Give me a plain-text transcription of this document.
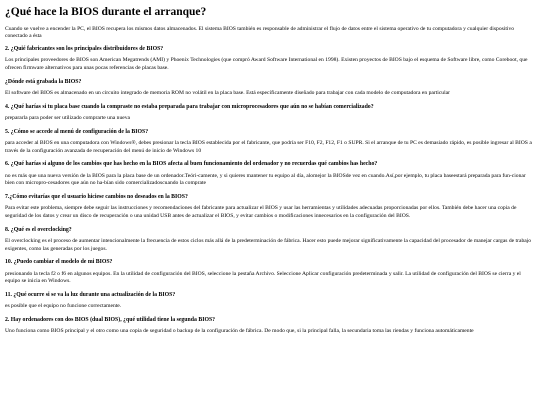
¿Qué hace la BIOS durante el arranque?

Cuando se vuelve a encender la PC, el BIOS recupera los mismos datos almacenados. El sistema BIOS también es responsable de administrar el flujo de datos entre el sistema operativo de tu computadora y cualquier dispositivo conectado a ésta

2. ¿Quié fabricantes son los principales distribuidores de BIOS?

Los principales proveedores de BIOS son American Megatrends (AMI) y Phoenix Technologies (que compró Award Software International en 1998). Existen proyectos de BIOS bajo el esquema de Software libre, como Coreboot, que ofrecen firmware alternativos para unas pocas referencias de placas base.

¿Dónde está grabada la BIOS?

El software del BIOS es almacenado en un circuito integrado de memoria ROM no volátil en la placa base. Está específicamente diseñado para trabajar con cada modelo de computadora en particular

4. ¿Qué harías si tu placa base cuando la compraste no estaba preparada para trabajar con microprocesadores que aún no se habían comercializado?

prepararla para poder ser utilizado comprarte una nueva

5. ¿Cómo se accede al menú de configuración de la BIOS?

para acceder al BIOS en una computadora con Windows®, debes presionar la tecla BIOS establecida por el fabricante, que podría ser F10, F2, F12, F1 o SUPR. Si el arranque de tu PC es demasiado rápido, es posible ingresar al BIOS a través de la configuración avanzada de recuperación del menú de inicio de Windows 10

6. ¿Qué harías si alguno de los cambios que has hecho en la BIOS afecta al buen funcionamiento del ordenador y no recuerdas qué cambios has hecho?

no es más que una nueva versión de la BIOS para la placa base de un ordenador.Teóri-camente, y si quieres mantener tu equipo al día, alomejor la BIOSde vez en cuando.Así,por ejemplo, tu placa baseestará preparada para fun-cionar bien con micropro-cesadores que aún no ha-bían sido comercializadoscuando la comprate

7.¿Cómo evitarías que el usuario hiciese cambios no deseados en la BIOS?

Para evitar este problema, siempre debe seguir las instrucciones y recomendaciones del fabricante para actualizar el BIOS y usar las herramientas y utilidades adecuadas proporcionadas por ellos. También debe hacer una copia de seguridad de los datos y crear un disco de recuperación o una unidad USB antes de actualizar el BIOS, y evitar cambios o modificaciones innecesarios en la configuración del BIOS.

8. ¿Qué es el overclocking?

El overclocking es el proceso de aumentar intencionalmente la frecuencia de estos ciclos más allá de la predeterminación de fábrica. Hacer esto puede mejorar significativamente la capacidad del procesador de manejar cargas de trabajo exigentes, como las generadas por los juegos.

10. ¿Puedo cambiar el modelo de mi BIOS?

presionando la tecla f2 o f6 en algunos equipos. En la utilidad de configuración del BIOS, seleccione la pestaña Archivo. Seleccione Aplicar configuración predeterminada y salir. La utilidad de configuración del BIOS se cierra y el equipo se inicia en Windows.

11. ¿Qué ocurre si se va la luz durante una actualización de la BIOS?

es posible que el equipo no funcione correctamente.

2. Hay ordenadores con dos BIOS (dual BIOS), ¿qué utilidad tiene la segunda BIOS?

Uno funciona como BIOS principal y el otro como una copia de seguridad o backup de la configuración de fábrica. De modo que, si la principal falla, la secundaria toma las riendas y funciona automáticamente
